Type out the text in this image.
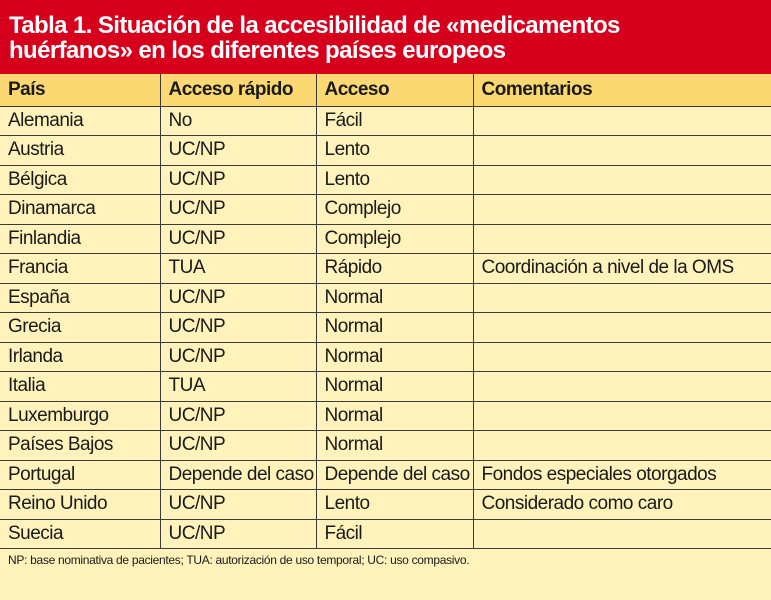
Tabla 1. Situación de la accesibilidad de «medicamentos
huérfanos» en los diferentes países europeos
País	Acceso rápido	Acceso	Comentarios
Alemania	No	Fácil	
Austria	UC/NP	Lento	
Bélgica	UC/NP	Lento	
Dinamarca	UC/NP	Complejo	
Finlandia	UC/NP	Complejo	
Francia	TUA	Rápido	Coordinación a nivel de la OMS
España	UC/NP	Normal	
Grecia	UC/NP	Normal	
Irlanda	UC/NP	Normal	
Italia	TUA	Normal	
Luxemburgo	UC/NP	Normal	
Países Bajos	UC/NP	Normal	
Portugal	Depende del caso	Depende del caso	Fondos especiales otorgados
Reino Unido	UC/NP	Lento	Considerado como caro
Suecia	UC/NP	Fácil	
NP: base nominativa de pacientes; TUA: autorización de uso temporal; UC: uso compasivo.
